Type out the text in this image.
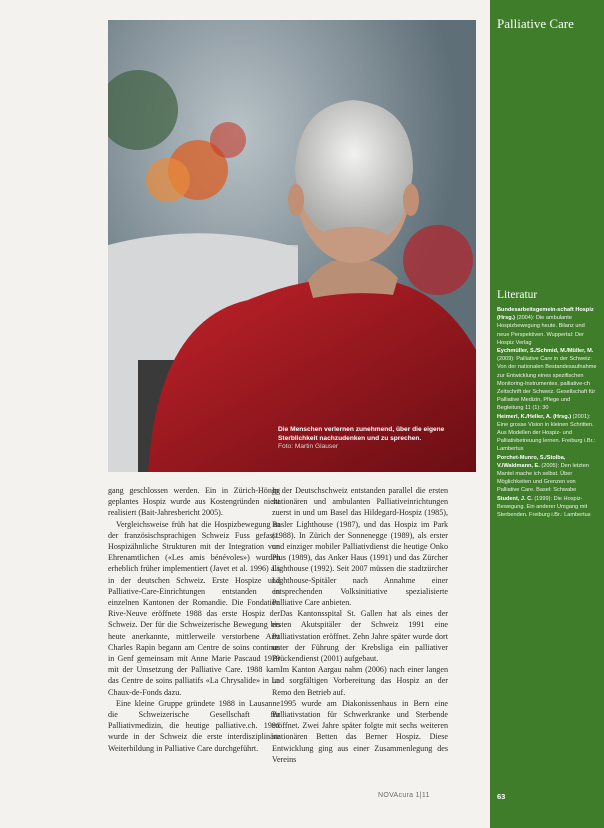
Die Menschen verlernen zunehmend, über die eigene Sterblichkeit nachzudenken und zu sprechen.
Foto: Martin Glauser
Palliative Care
Literatur
Bundesarbeitsgemein-schaft Hospiz (Hrsg.) (2004): Die ambulante Hospizbewegung heute. Bilanz und neue Perspektiven. Wuppertal: Der Hospiz Verlag
Eychmüller, S./Schmid, M./Müller, M. (2009): Palliative Care in der Schweiz: Von der nationalen Bestandesaufnahme zur Entwicklung eines spezifischen Monitoring-Instrumentes. palliative-ch Zeitschrift der Schweiz. Gesellschaft für Palliative Medizin, Pflege und Begleitung 11 (1): 30
Heimerl, K./Heller, A. (Hrsg.) (2001): Eine grosse Vision in kleinen Schritten. Aus Modellen der Hospiz- und Palliativbetreuung lernen. Freiburg i.Br.: Lambertus
Porchet-Munro, S./Stolba, V./Waldmann, E. (2005): Den letzten Mantel mache ich selbst. Über Möglichkeiten und Grenzen von Palliative Care. Basel: Schwabe
Student, J. C. (1999): Die Hospiz-Bewegung. Ein anderer Umgang mit Sterbenden. Freiburg i.Br.: Lambertus

gang geschlossen werden. Ein in Zürich-Höngg geplantes Hospiz wurde aus Kostengründen nicht realisiert (Bait-Jahresbericht 2005).

Vergleichsweise früh hat die Hospizbewegung in der französischsprachigen Schweiz Fuss gefasst. Hospizähnliche Strukturen mit der Integration von Ehrenamtlichen («Les amis bénévoles») wurden erheblich früher implementiert (Javet et al. 1996) als in der deutschen Schweiz. Erste Hospize und Palliative-Care-Einrichtungen entstanden in einzelnen Kantonen der Romandie. Die Fondation Rive-Neuve eröffnete 1988 das erste Hospiz der Schweiz. Der für die Schweizerische Bewegung bis heute anerkannte, mittlerweile verstorbene Arzt Charles Rapin begann am Centre de soins continus in Genf gemeinsam mit Anne Marie Pascaud 1979 mit der Umsetzung der Palliative Care. 1988 kam das Centre de soins palliatifs «La Chrysalide» in La Chaux-de-Fonds dazu.

Eine kleine Gruppe gründete 1988 in Lausanne die Schweizerische Gesellschaft für Palliativmedizin, die heutige palliative.ch. 1991 wurde in der Schweiz die erste interdisziplinäre Weiterbildung in Palliative Care durchgeführt.

In der Deutschschweiz entstanden parallel die ersten stationären und ambulanten Palliativeinrichtungen zuerst in und um Basel das Hildegard-Hospiz (1985), Basler Lighthouse (1987), und das Hospiz im Park (1988). In Zürich der Sonnenegge (1989), als erster und einziger mobiler Palliativdienst die heutige Onko Plus (1989), das Anker Haus (1991) und das Zürcher Lighthouse (1992). Seit 2007 müssen die stadtzürcher Lighthouse-Spitäler nach Annahme einer entsprechenden Volksinitiative spezialisierte Palliative Care anbieten.

Das Kantonsspital St. Gallen hat als eines der ersten Akutspitäler der Schweiz 1991 eine Palliativstation eröffnet. Zehn Jahre später wurde dort unter der Führung der Krebsliga ein palliativer Brückendienst (2001) aufgebaut.

Im Kanton Aargau nahm (2006) nach einer langen und sorgfältigen Vorbereitung das Hospiz an der Remo den Betrieb auf.

1995 wurde am Diakonissenhaus in Bern eine Palliativstation für Schwerkranke und Sterbende eröffnet. Zwei Jahre später folgte mit sechs weiteren stationären Betten das Berner Hospiz. Diese Entwicklung ging aus einer Zusammenlegung des Vereins

NOVAcura 1|11	63
